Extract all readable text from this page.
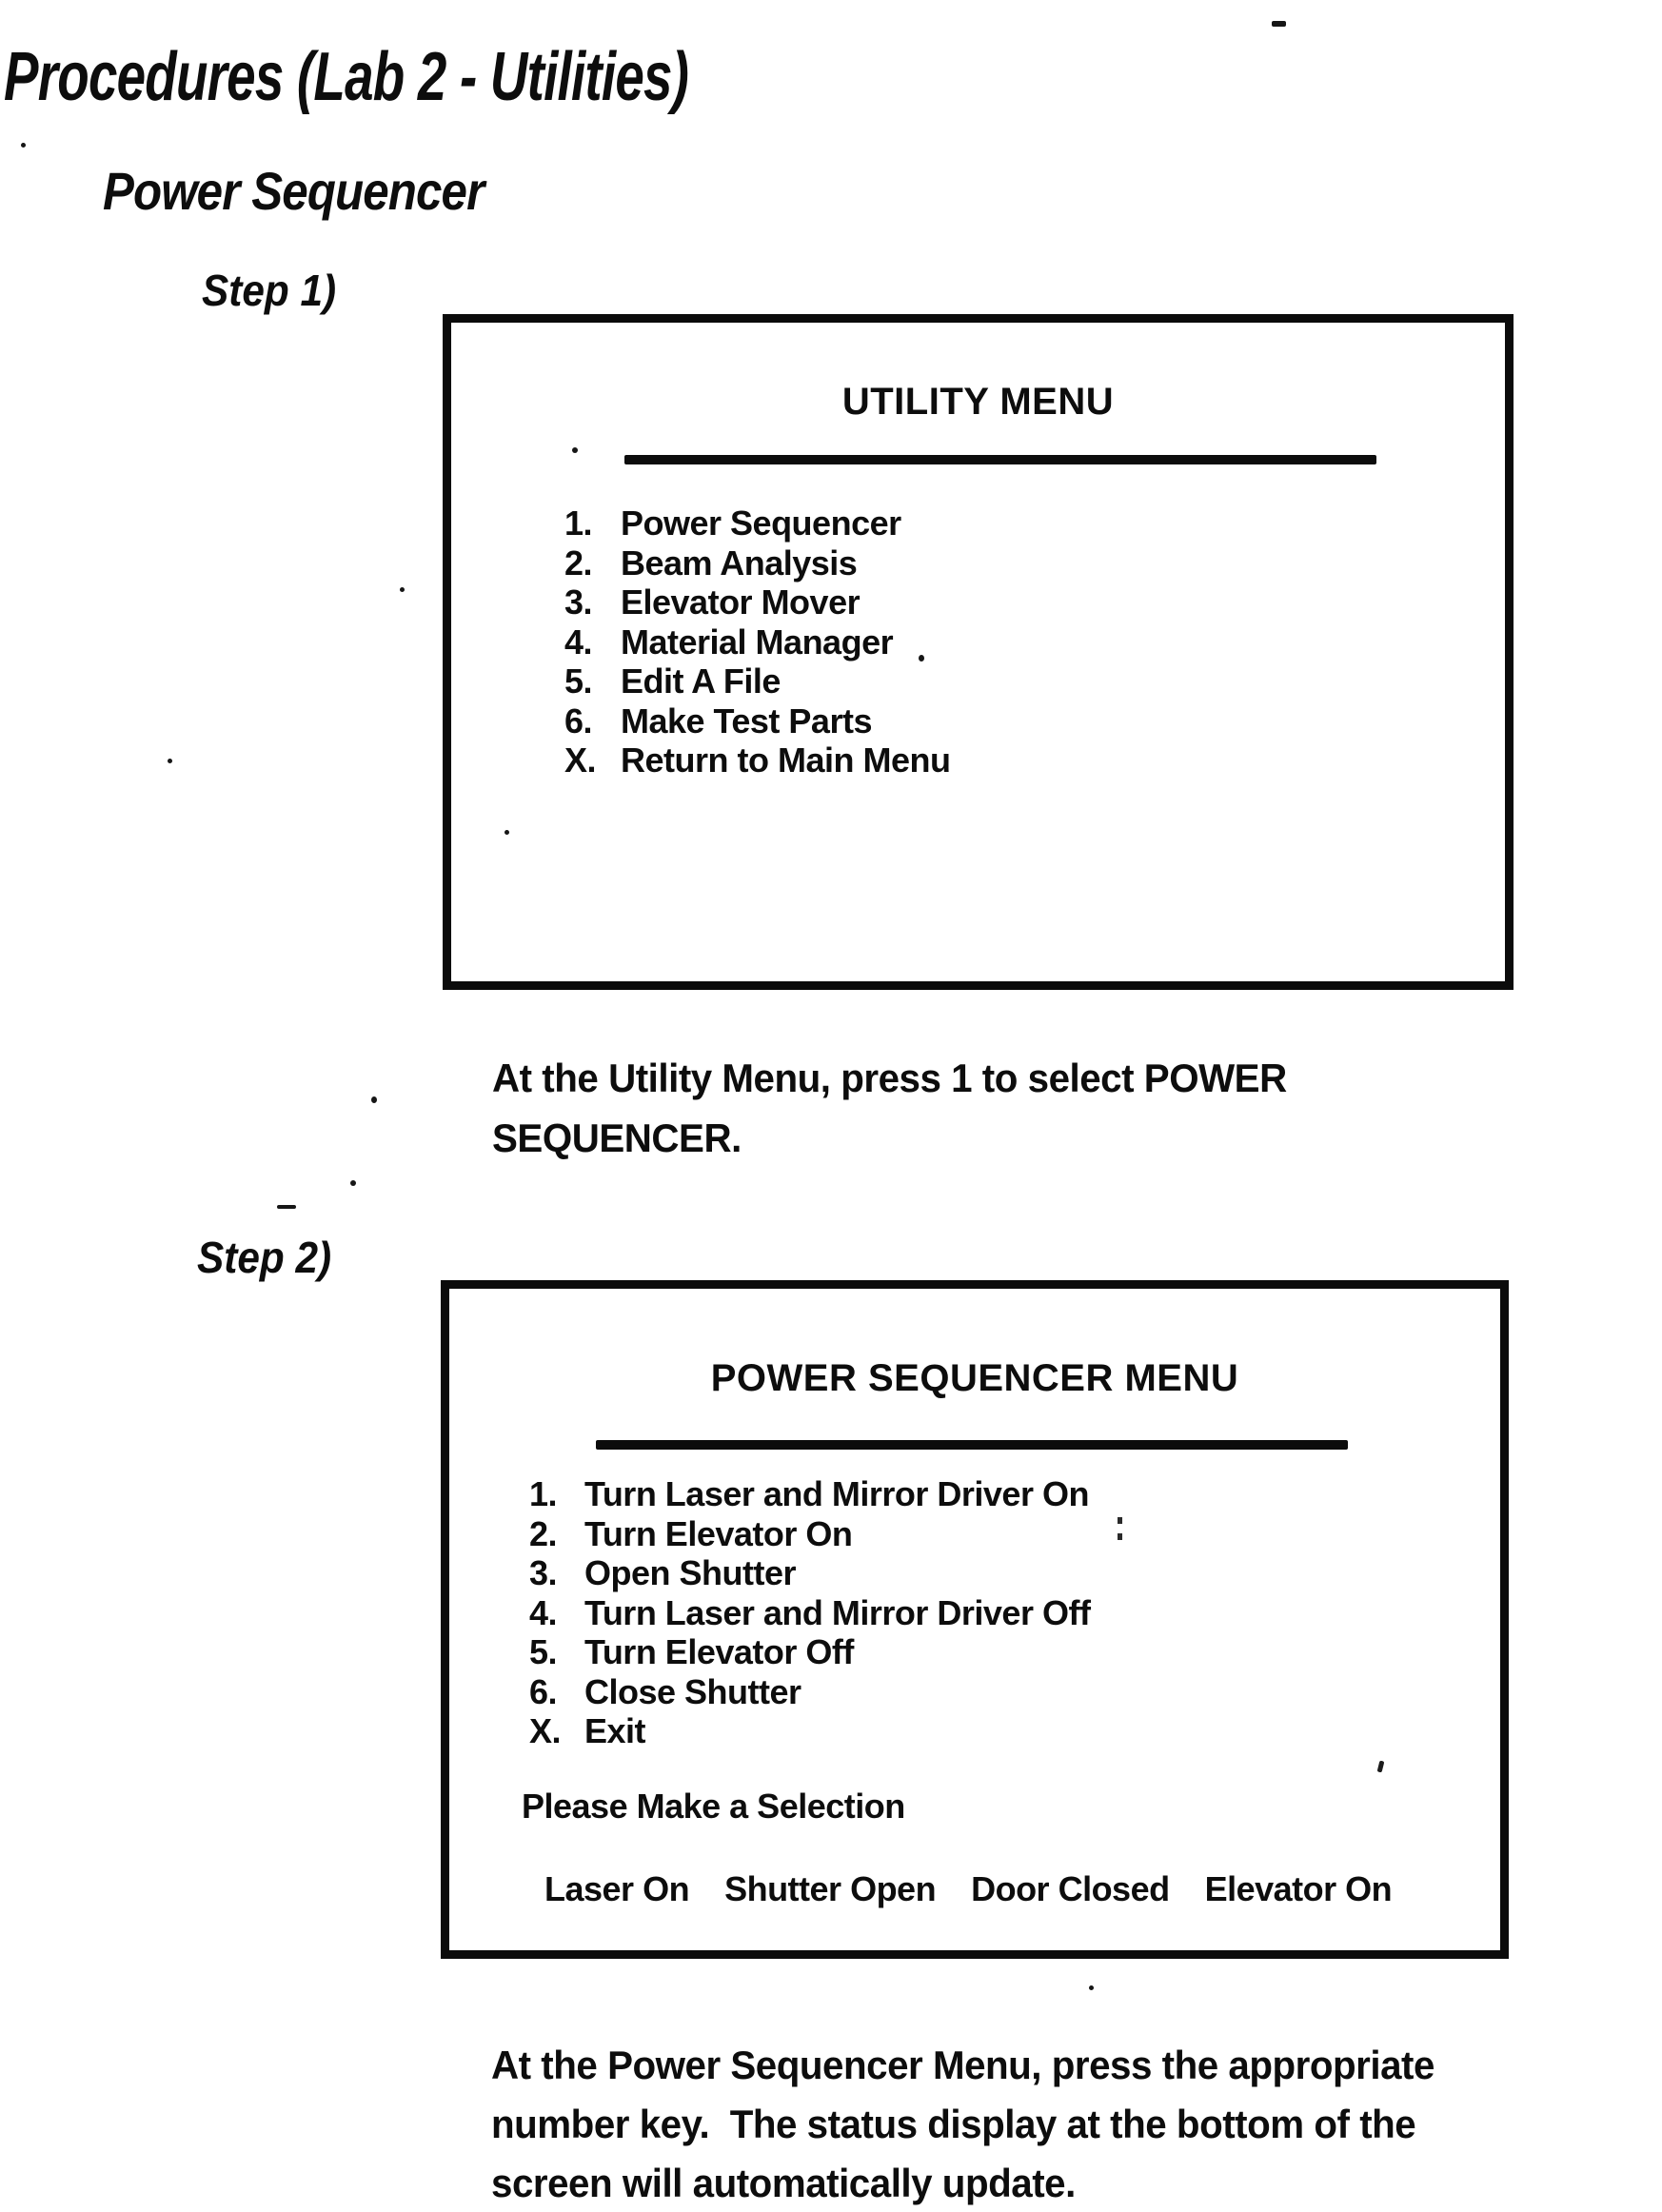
Procedures (Lab 2 - Utilities)
Power Sequencer
Step 1)
UTILITY MENU
1. Power Sequencer
2. Beam Analysis
3. Elevator Mover
4. Material Manager
5. Edit A File
6. Make Test Parts
X. Return to Main Menu
At the Utility Menu, press 1 to select POWER
SEQUENCER.
Step 2)
POWER SEQUENCER MENU
1. Turn Laser and Mirror Driver On
2. Turn Elevator On
3. Open Shutter
4. Turn Laser and Mirror Driver Off
5. Turn Elevator Off
6. Close Shutter
X. Exit
Please Make a Selection
Laser On Shutter Open Door Closed Elevator On
At the Power Sequencer Menu, press the appropriate
number key.  The status display at the bottom of the
screen will automatically update.
